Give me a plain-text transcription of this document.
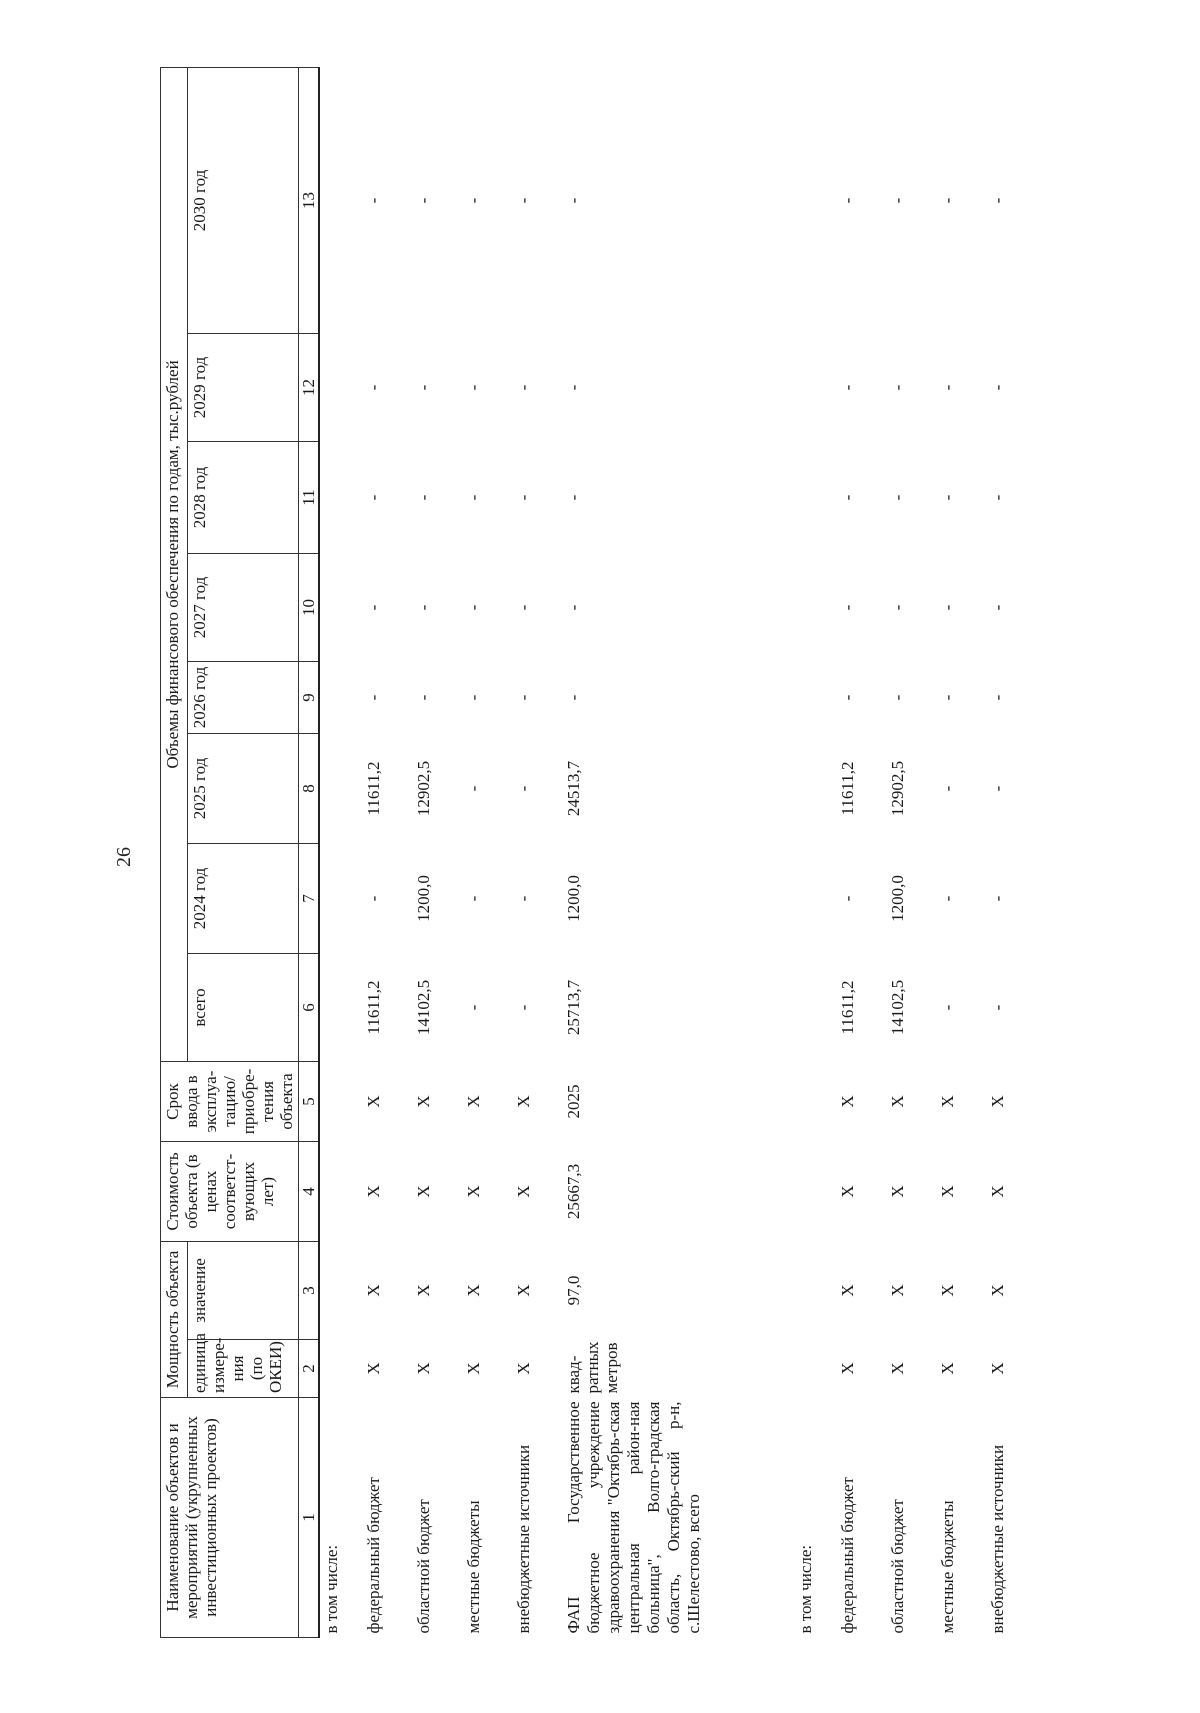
26
Наименование объектов и мероприятий (укрупненных инвестиционных проектов)	Мощность объекта		Стоимость объекта (в ценах соответст-вующих лет)	Срок ввода в эксплуа-тацию/ приобре-тения объекта	Объемы финансового обеспечения по годам, тыс.рублей							
	единица измере-ния (по ОКЕИ)	значение			всего	2024 год	2025 год	2026 год	2027 год	2028 год	2029 год	2030 год
1	2	3	4	5	6	7	8	9	10	11	12	13
в том числе:												
федеральный бюджет	X	X	X	X	11611,2	-	11611,2	-	-	-	-	-
областной бюджет	X	X	X	X	14102,5	1200,0	12902,5	-	-	-	-	-
местные бюджеты	X	X	X	X	-	-	-	-	-	-	-	-
внебюджетные источники	X	X	X	X	-	-	-	-	-	-	-	-
ФАП Государственное бюджетное учреждение здравоохранения "Октябрь-ская центральная район-ная больница", Волго-градская область, Октябрь-ский р-н, с.Шелестово, всего	квад-ратных метров	97,0	25667,3	2025	25713,7	1200,0	24513,7	-	-	-	-	-
в том числе:												
федеральный бюджет	X	X	X	X	11611,2	-	11611,2	-	-	-	-	-
областной бюджет	X	X	X	X	14102,5	1200,0	12902,5	-	-	-	-	-
местные бюджеты	X	X	X	X	-	-	-	-	-	-	-	-
внебюджетные источники	X	X	X	X	-	-	-	-	-	-	-	-
